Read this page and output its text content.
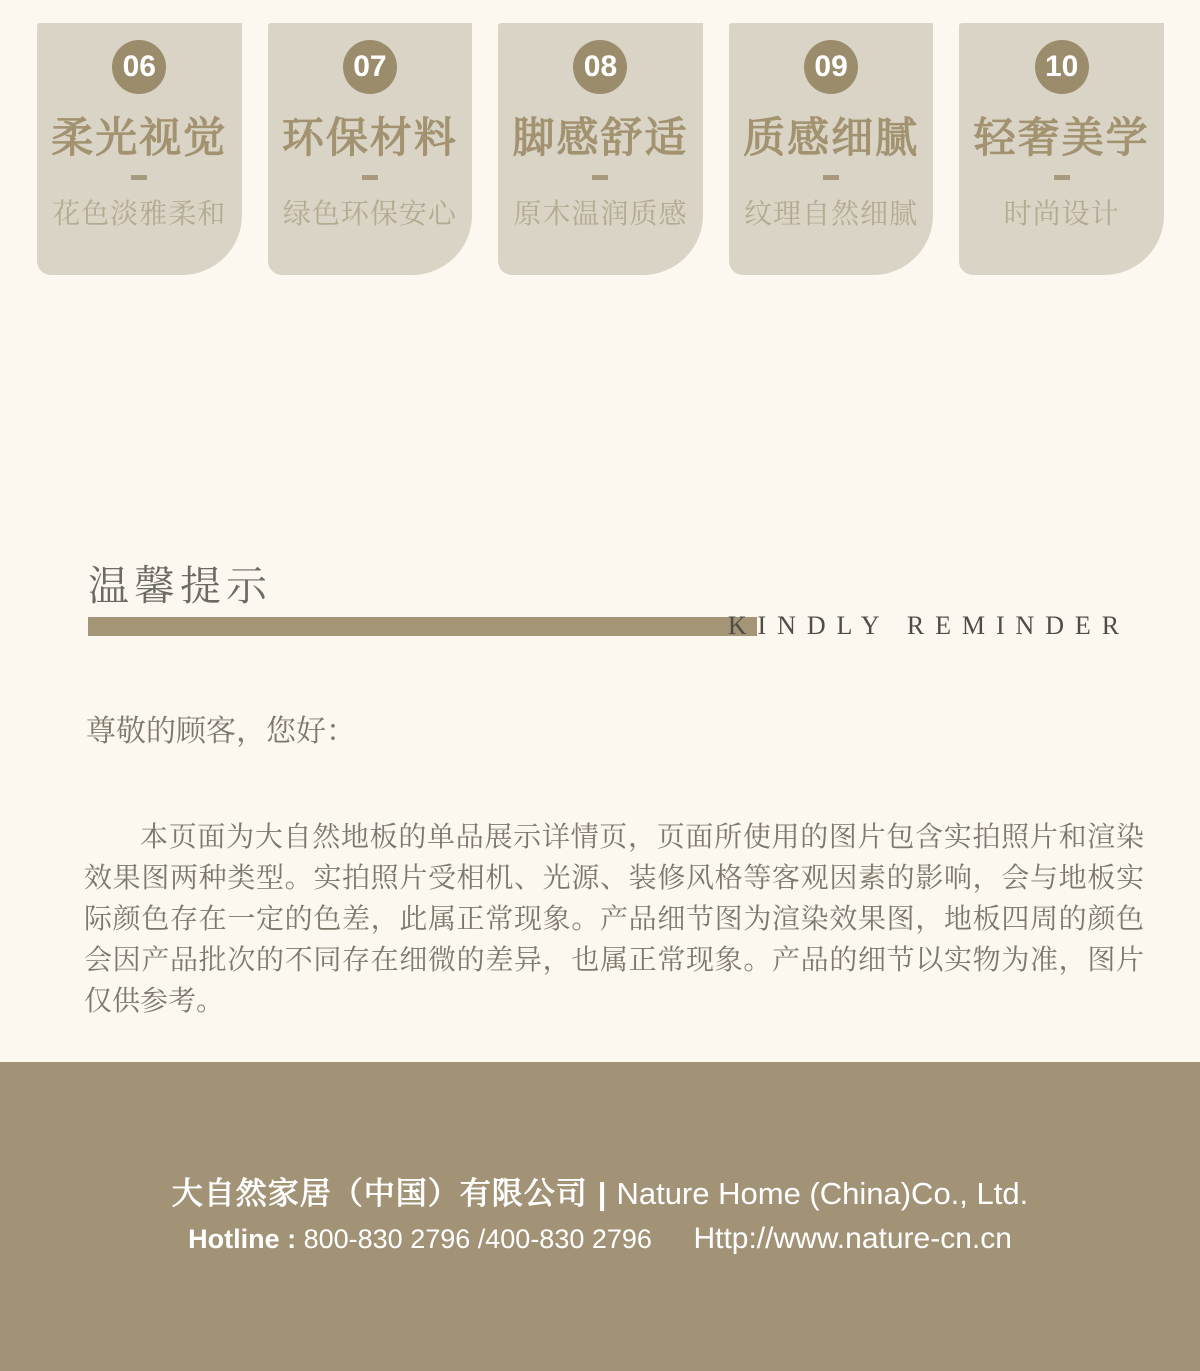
06
柔光视觉
花色淡雅柔和
07
环保材料
绿色环保安心
08
脚感舒适
原木温润质感
09
质感细腻
纹理自然细腻
10
轻奢美学
时尚设计
温馨提示
KINDLY REMINDER
尊敬的顾客，您好：

本页面为大自然地板的单品展示详情页，页面所使用的图片包含实拍照片和渲染效果图两种类型。实拍照片受相机、光源、装修风格等客观因素的影响，会与地板实际颜色存在一定的色差，此属正常现象。产品细节图为渲染效果图，地板四周的颜色会因产品批次的不同存在细微的差异，也属正常现象。产品的细节以实物为准，图片仅供参考。

大自然家居（中国）有限公司 | Nature Home (China)Co., Ltd.
Hotline : 800-830 2796 /400-830 2796 Http://www.nature-cn.cn
